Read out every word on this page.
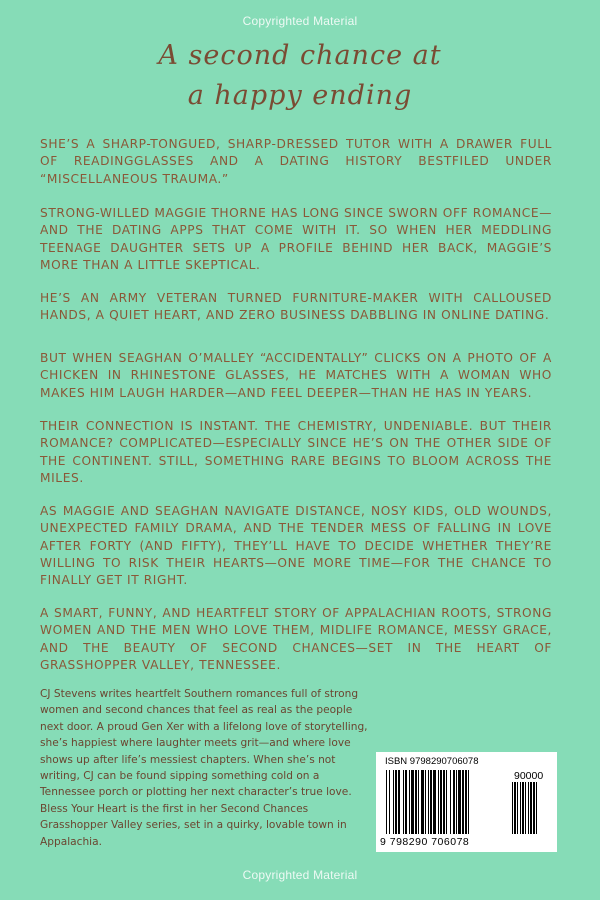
Copyrighted Material
A second chance at
a happy ending

SHE’S A SHARP-TONGUED, SHARP-DRESSED TUTOR WITH A DRAWER FULL OF READINGGLASSES AND A DATING HISTORY BESTFILED UNDER “MISCELLANEOUS TRAUMA.”

STRONG-WILLED MAGGIE THORNE HAS LONG SINCE SWORN OFF ROMANCE—AND THE DATING APPS THAT COME WITH IT. SO WHEN HER MEDDLING TEENAGE DAUGHTER SETS UP A PROFILE BEHIND HER BACK, MAGGIE’S MORE THAN A LITTLE SKEPTICAL.

HE’S AN ARMY VETERAN TURNED FURNITURE-MAKER WITH CALLOUSED HANDS, A QUIET HEART, AND ZERO BUSINESS DABBLING IN ONLINE DATING.

BUT WHEN SEAGHAN O’MALLEY “ACCIDENTALLY” CLICKS ON A PHOTO OF A CHICKEN IN RHINESTONE GLASSES, HE MATCHES WITH A WOMAN WHO MAKES HIM LAUGH HARDER—AND FEEL DEEPER—THAN HE HAS IN YEARS.

THEIR CONNECTION IS INSTANT. THE CHEMISTRY, UNDENIABLE. BUT THEIR ROMANCE? COMPLICATED—ESPECIALLY SINCE HE’S ON THE OTHER SIDE OF THE CONTINENT. STILL, SOMETHING RARE BEGINS TO BLOOM ACROSS THE MILES.

AS MAGGIE AND SEAGHAN NAVIGATE DISTANCE, NOSY KIDS, OLD WOUNDS, UNEXPECTED FAMILY DRAMA, AND THE TENDER MESS OF FALLING IN LOVE AFTER FORTY (AND FIFTY), THEY’LL HAVE TO DECIDE WHETHER THEY’RE WILLING TO RISK THEIR HEARTS—ONE MORE TIME—FOR THE CHANCE TO FINALLY GET IT RIGHT.

A SMART, FUNNY, AND HEARTFELT STORY OF APPALACHIAN ROOTS, STRONG WOMEN AND THE MEN WHO LOVE THEM, MIDLIFE ROMANCE, MESSY GRACE, AND THE BEAUTY OF SECOND CHANCES—SET IN THE HEART OF GRASSHOPPER VALLEY, TENNESSEE.

CJ Stevens writes heartfelt Southern romances full of strong women and second chances that feel as real as the people next door. A proud Gen Xer with a lifelong love of storytelling, she’s happiest where laughter meets grit—and where love shows up after life’s messiest chapters. When she’s not writing, CJ can be found sipping something cold on a Tennessee porch or plotting her next character’s true love. Bless Your Heart is the first in her Second Chances Grasshopper Valley series, set in a quirky, lovable town in Appalachia.

ISBN 9798290706078
90000
9 798290 706078
Copyrighted Material
